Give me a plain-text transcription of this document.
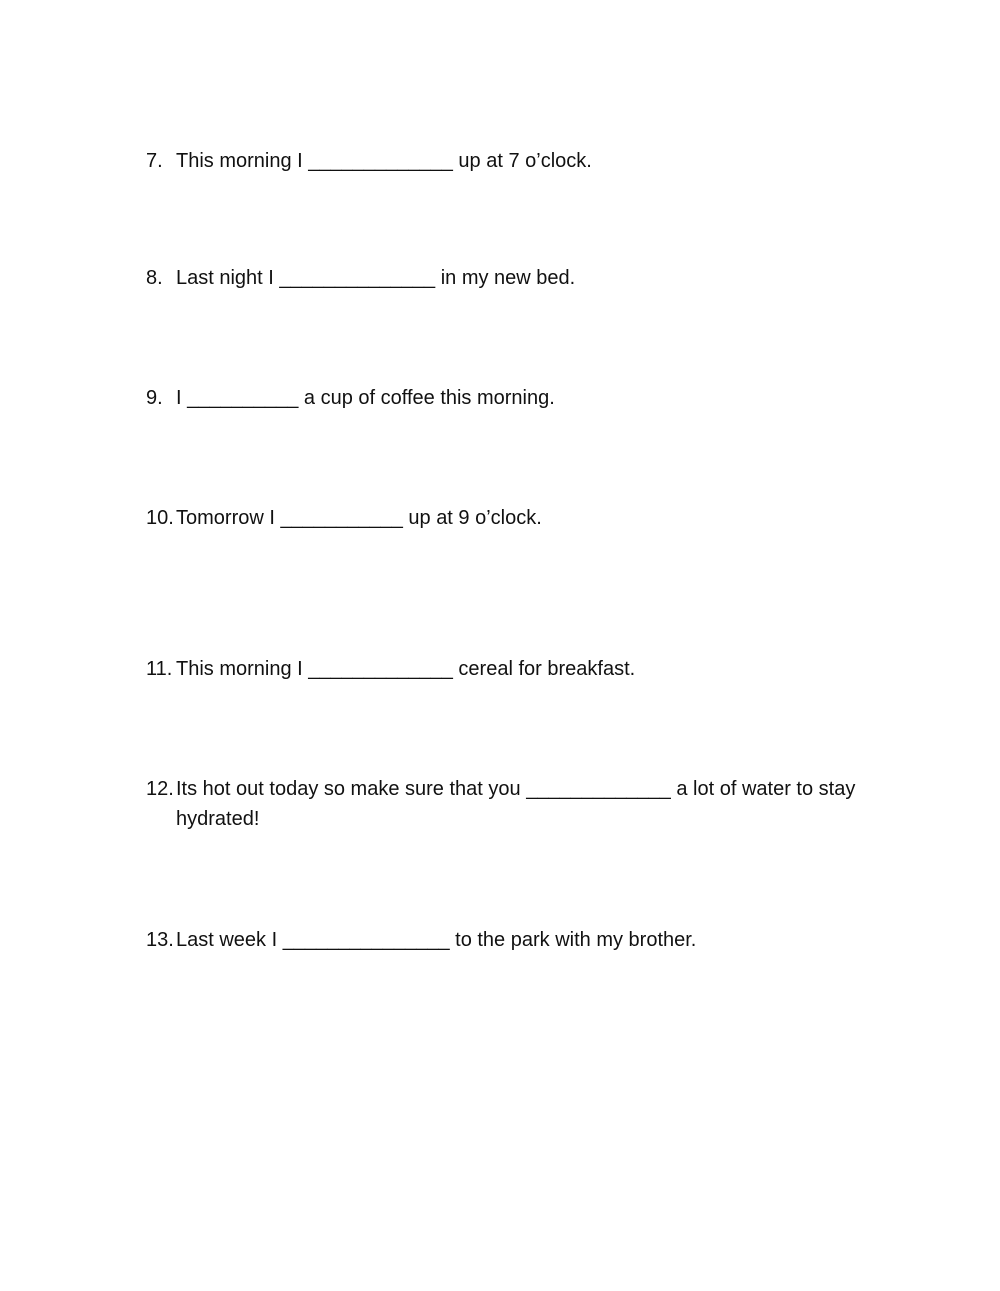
7. This morning I _____________ up at 7 o’clock.
8. Last night I ______________ in my new bed.
9. I __________ a cup of coffee this morning.
10. Tomorrow I ___________ up at 9 o’clock.
11. This morning I _____________ cereal for breakfast.
12. Its hot out today so make sure that you _____________ a lot of water to stay hydrated!
13. Last week I _______________ to the park with my brother.
